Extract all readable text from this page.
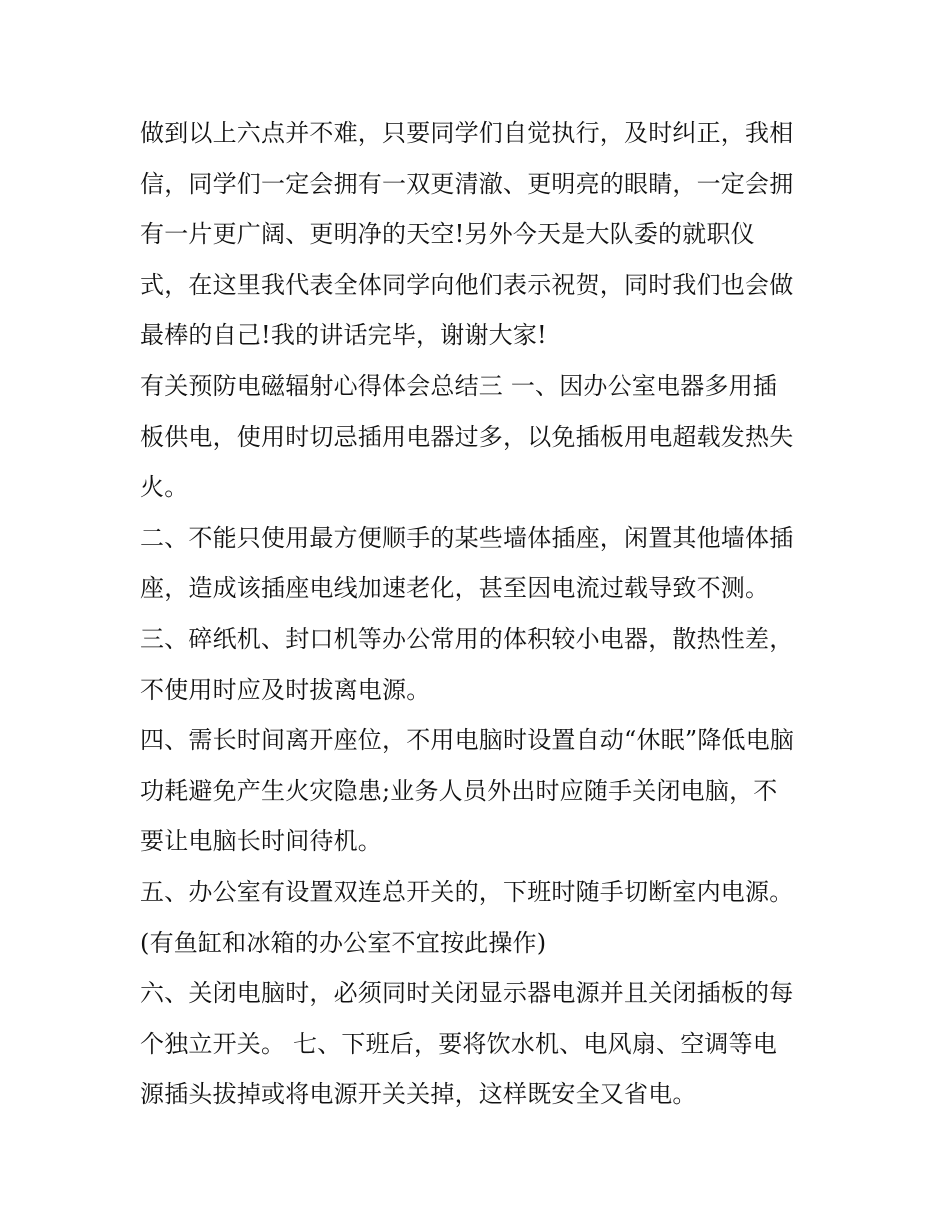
做到以上六点并不难，只要同学们自觉执行，及时纠正，我相
信，同学们一定会拥有一双更清澈、更明亮的眼睛，一定会拥
有一片更广阔、更明净的天空!另外今天是大队委的就职仪
式，在这里我代表全体同学向他们表示祝贺，同时我们也会做
最棒的自己!我的讲话完毕，谢谢大家!
有关预防电磁辐射心得体会总结三 一、因办公室电器多用插
板供电，使用时切忌插用电器过多，以免插板用电超载发热失
火。
二、不能只使用最方便顺手的某些墙体插座，闲置其他墙体插
座，造成该插座电线加速老化，甚至因电流过载导致不测。
三、碎纸机、封口机等办公常用的体积较小电器，散热性差，
不使用时应及时拔离电源。
四、需长时间离开座位，不用电脑时设置自动“休眠”降低电脑
功耗避免产生火灾隐患;业务人员外出时应随手关闭电脑，不
要让电脑长时间待机。
五、办公室有设置双连总开关的，下班时随手切断室内电源。
(有鱼缸和冰箱的办公室不宜按此操作)
六、关闭电脑时，必须同时关闭显示器电源并且关闭插板的每
个独立开关。 七、下班后，要将饮水机、电风扇、空调等电
源插头拔掉或将电源开关关掉，这样既安全又省电。
